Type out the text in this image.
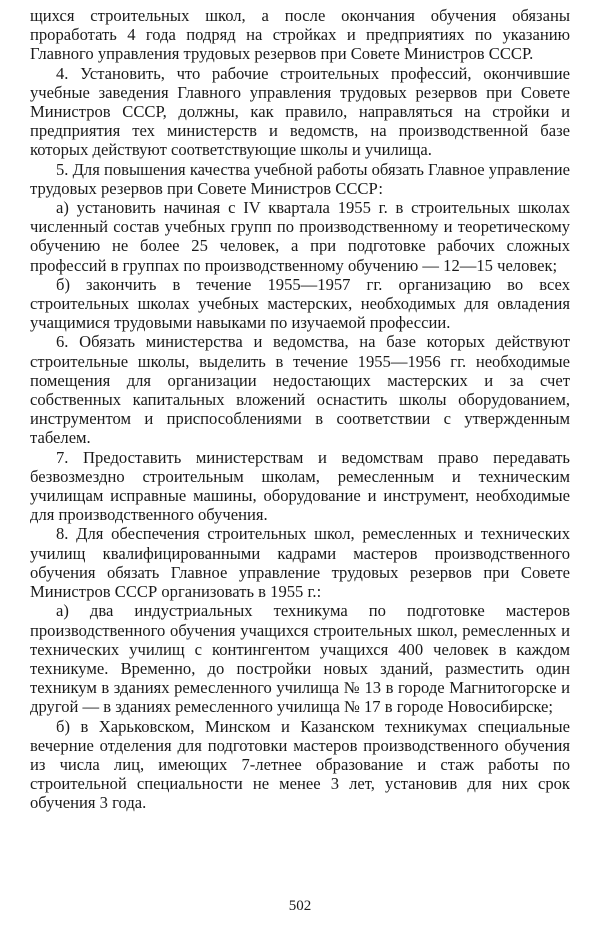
щихся строительных школ, а после окончания обучения обязаны проработать 4 года подряд на стройках и предприятиях по указанию Главного управления трудовых резервов при Совете Министров СССР.

4. Установить, что рабочие строительных профессий, окончившие учебные заведения Главного управления трудовых резервов при Совете Министров СССР, должны, как правило, направляться на стройки и предприятия тех министерств и ведомств, на производственной базе которых действуют соответствующие школы и училища.

5. Для повышения качества учебной работы обязать Главное управление трудовых резервов при Совете Министров СССР:

а) установить начиная с IV квартала 1955 г. в строительных школах численный состав учебных групп по производственному и теоретическому обучению не более 25 человек, а при подготовке рабочих сложных профессий в группах по производственному обучению — 12—15 человек;

б) закончить в течение 1955—1957 гг. организацию во всех строительных школах учебных мастерских, необходимых для овладения учащимися трудовыми навыками по изучаемой профессии.

6. Обязать министерства и ведомства, на базе которых действуют строительные школы, выделить в течение 1955—1956 гг. необходимые помещения для организации недостающих мастерских и за счет собственных капитальных вложений оснастить школы оборудованием, инструментом и приспособлениями в соответствии с утвержденным табелем.

7. Предоставить министерствам и ведомствам право передавать безвозмездно строительным школам, ремесленным и техническим училищам исправные машины, оборудование и инструмент, необходимые для производственного обучения.

8. Для обеспечения строительных школ, ремесленных и технических училищ квалифицированными кадрами мастеров производственного обучения обязать Главное управление трудовых резервов при Совете Министров СССР организовать в 1955 г.:

а) два индустриальных техникума по подготовке мастеров производственного обучения учащихся строительных школ, ремесленных и технических училищ с контингентом учащихся 400 человек в каждом техникуме. Временно, до постройки новых зданий, разместить один техникум в зданиях ремесленного училища № 13 в городе Магнитогорске и другой — в зданиях ремесленного училища № 17 в городе Новосибирске;

б) в Харьковском, Минском и Казанском техникумах специальные вечерние отделения для подготовки мастеров производственного обучения из числа лиц, имеющих 7-летнее образование и стаж работы по строительной специальности не менее 3 лет, установив для них срок обучения 3 года.

502
